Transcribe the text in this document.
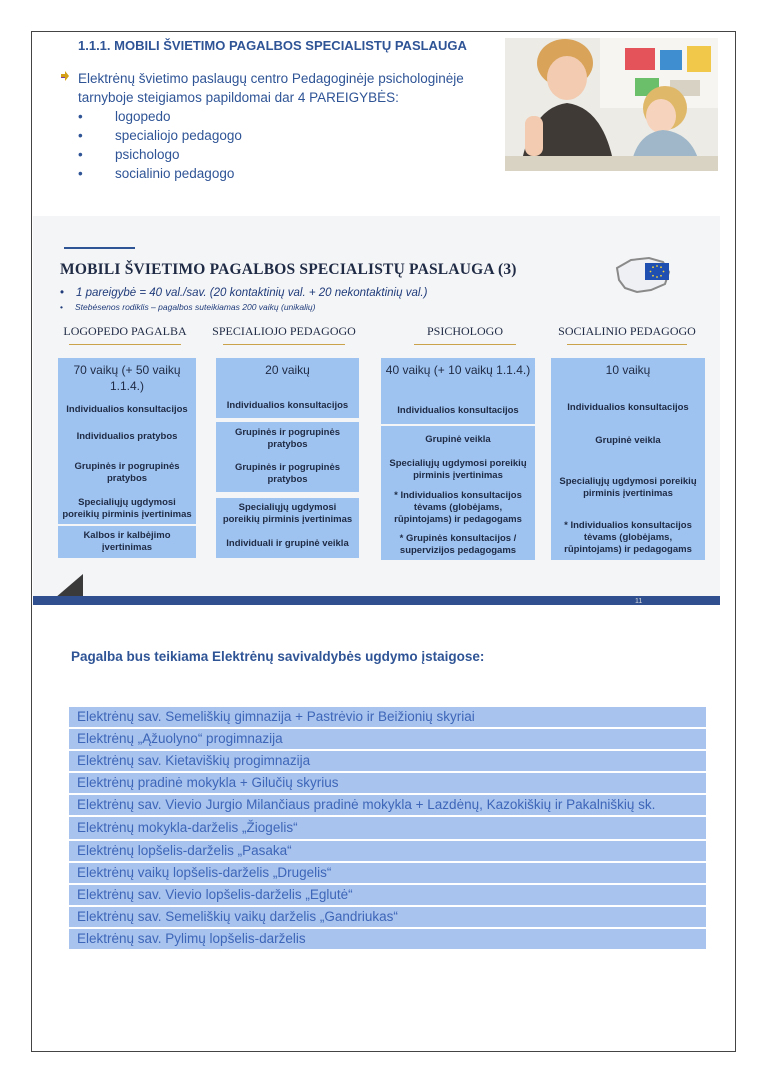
1.1.1. MOBILI ŠVIETIMO PAGALBOS SPECIALISTŲ PASLAUGA

Elektrėnų švietimo paslaugų centro Pedagoginėje psichologinėje tarnyboje steigiamos papildomai dar 4 PAREIGYBĖS:

• logopedo
• specialiojo pedagogo
• psichologo
• socialinio pedagogo
MOBILI ŠVIETIMO PAGALBOS SPECIALISTŲ PASLAUGA (3)
• 1 pareigybė = 40 val./sav. (20 kontaktinių val. + 20 nekontaktinių val.)
• Stebėsenos rodiklis – pagalbos suteikiamas 200 vaikų (unikalių)
LOGOPEDO PAGALBA
70 vaikų (+ 50 vaikų 1.1.4.)
Individualios konsultacijos
Individualios pratybos
Grupinės ir pogrupinės pratybos
Specialiųjų ugdymosi poreikių pirminis įvertinimas
Kalbos ir kalbėjimo įvertinimas
SPECIALIOJO PEDAGOGO
20 vaikų
Individualios konsultacijos
Grupinės ir pogrupinės pratybos
Grupinės ir pogrupinės pratybos
Specialiųjų ugdymosi poreikių pirminis įvertinimas
Individuali ir grupinė veikla
PSICHOLOGO
40 vaikų (+ 10 vaikų 1.1.4.)
Individualios konsultacijos
Grupinė veikla
Specialiųjų ugdymosi poreikių pirminis įvertinimas
* Individualios konsultacijos tėvams (globėjams, rūpintojams) ir pedagogams
* Grupinės konsultacijos / supervizijos pedagogams
SOCIALINIO PEDAGOGO
10 vaikų
Individualios konsultacijos
Grupinė veikla
Specialiųjų ugdymosi poreikių pirminis įvertinimas
* Individualios konsultacijos tėvams (globėjams, rūpintojams) ir pedagogams
11
Pagalba bus teikiama Elektrėnų savivaldybės ugdymo įstaigose:
Elektrėnų sav. Semeliškių gimnazija + Pastrėvio ir Beižionių skyriai
Elektrėnų „Ąžuolyno“ progimnazija
Elektrėnų sav. Kietaviškių progimnazija
Elektrėnų pradinė mokykla + Gilučių skyrius
Elektrėnų sav. Vievio Jurgio Milančiaus pradinė mokykla + Lazdėnų, Kazokiškių ir Pakalniškių sk.
Elektrėnų mokykla-darželis „Žiogelis“
Elektrėnų lopšelis-darželis „Pasaka“
Elektrėnų vaikų lopšelis-darželis „Drugelis“
Elektrėnų sav. Vievio lopšelis-darželis „Eglutė“
Elektrėnų sav. Semeliškių vaikų darželis „Gandriukas“
Elektrėnų sav. Pylimų lopšelis-darželis
